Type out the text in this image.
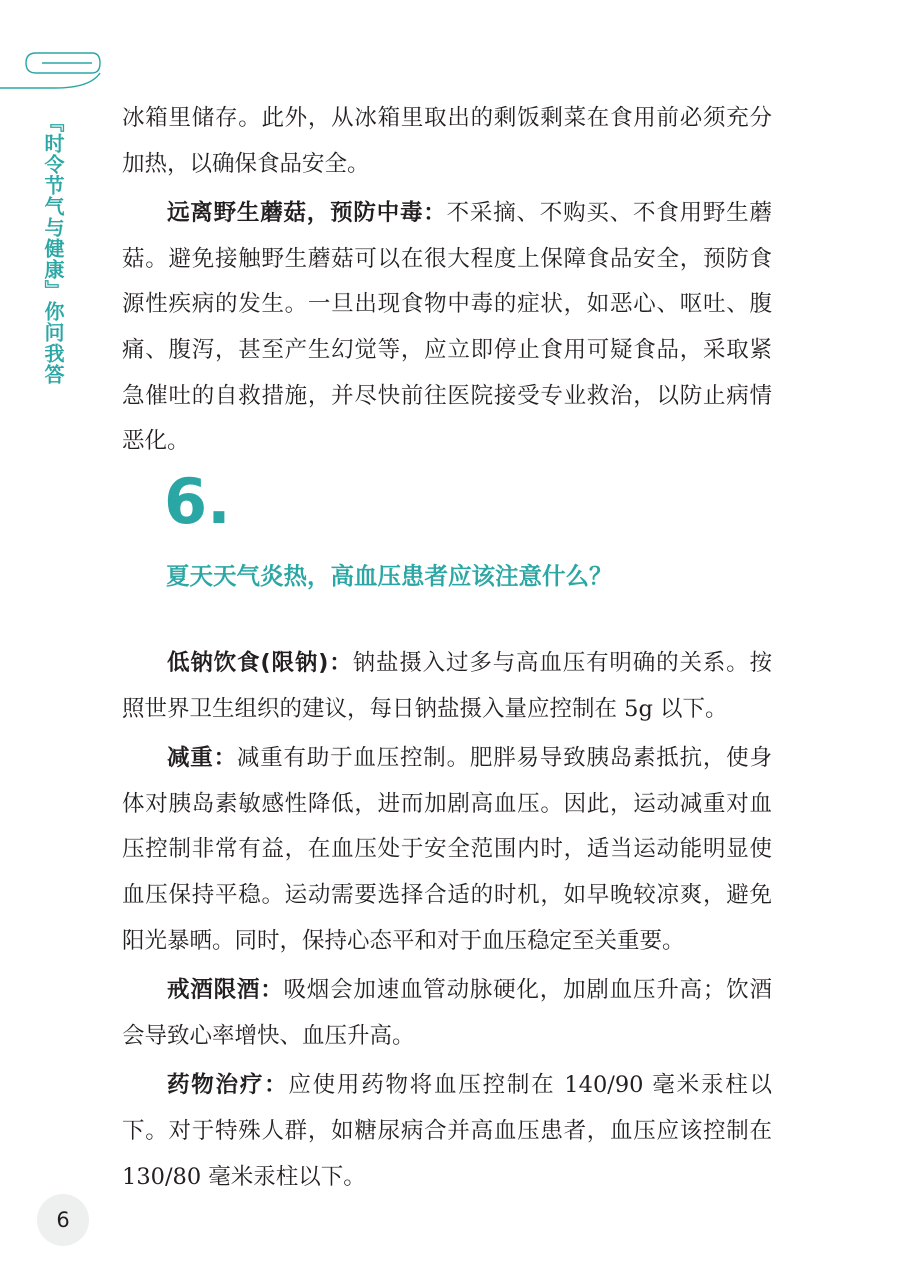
『时令节气与健康』你问我答	冰箱里储存。此外，从冰箱里取出的剩饭剩菜在食用前必须充分加热，以确保食品安全。

远离野生蘑菇，预防中毒：不采摘、不购买、不食用野生蘑菇。避免接触野生蘑菇可以在很大程度上保障食品安全，预防食源性疾病的发生。一旦出现食物中毒的症状，如恶心、呕吐、腹痛、腹泻，甚至产生幻觉等，应立即停止食用可疑食品，采取紧急催吐的自救措施，并尽快前往医院接受专业救治，以防止病情恶化。

6.
夏天天气炎热，高血压患者应该注意什么？

低钠饮食(限钠)：钠盐摄入过多与高血压有明确的关系。按照世界卫生组织的建议，每日钠盐摄入量应控制在 5g 以下。

减重：减重有助于血压控制。肥胖易导致胰岛素抵抗，使身体对胰岛素敏感性降低，进而加剧高血压。因此，运动减重对血压控制非常有益，在血压处于安全范围内时，适当运动能明显使血压保持平稳。运动需要选择合适的时机，如早晚较凉爽，避免阳光暴晒。同时，保持心态平和对于血压稳定至关重要。

戒酒限酒：吸烟会加速血管动脉硬化，加剧血压升高；饮酒会导致心率增快、血压升高。

药物治疗：应使用药物将血压控制在 140/90 毫米汞柱以下。对于特殊人群，如糖尿病合并高血压患者，血压应该控制在 130/80 毫米汞柱以下。

6
